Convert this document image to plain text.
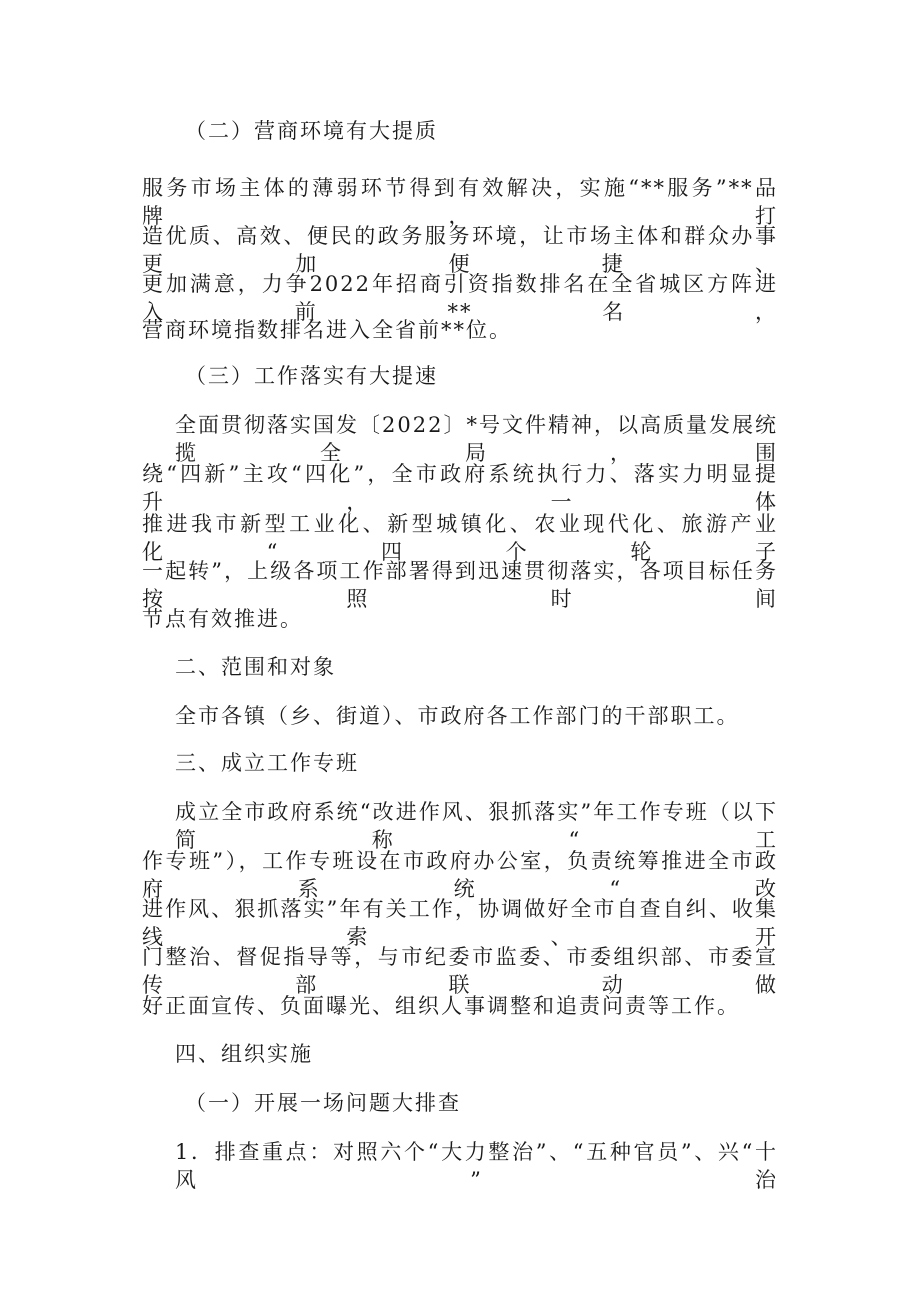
（二）营商环境有大提质
服务市场主体的薄弱环节得到有效解决，实施“**服务”**品牌，打
造优质、高效、便民的政务服务环境，让市场主体和群众办事更加便捷、
更加满意，力争2022年招商引资指数排名在全省城区方阵进入前**名，
营商环境指数排名进入全省前**位。
（三）工作落实有大提速
全面贯彻落实国发〔2022〕*号文件精神，以高质量发展统揽全局，围
绕“四新”主攻“四化”，全市政府系统执行力、落实力明显提升，一体
推进我市新型工业化、新型城镇化、农业现代化、旅游产业化“四个轮子
一起转”，上级各项工作部署得到迅速贯彻落实，各项目标任务按照时间
节点有效推进。
二、范围和对象
全市各镇（乡、街道）、市政府各工作部门的干部职工。
三、成立工作专班
成立全市政府系统“改进作风、狠抓落实”年工作专班（以下简称“工
作专班”），工作专班设在市政府办公室，负责统筹推进全市政府系统“改
进作风、狠抓落实”年有关工作，协调做好全市自查自纠、收集线索、开
门整治、督促指导等，与市纪委市监委、市委组织部、市委宣传部联动做
好正面宣传、负面曝光、组织人事调整和追责问责等工作。
四、组织实施
（一）开展一场问题大排查
1．排查重点：对照六个“大力整治”、“五种官员”、兴“十风”治
